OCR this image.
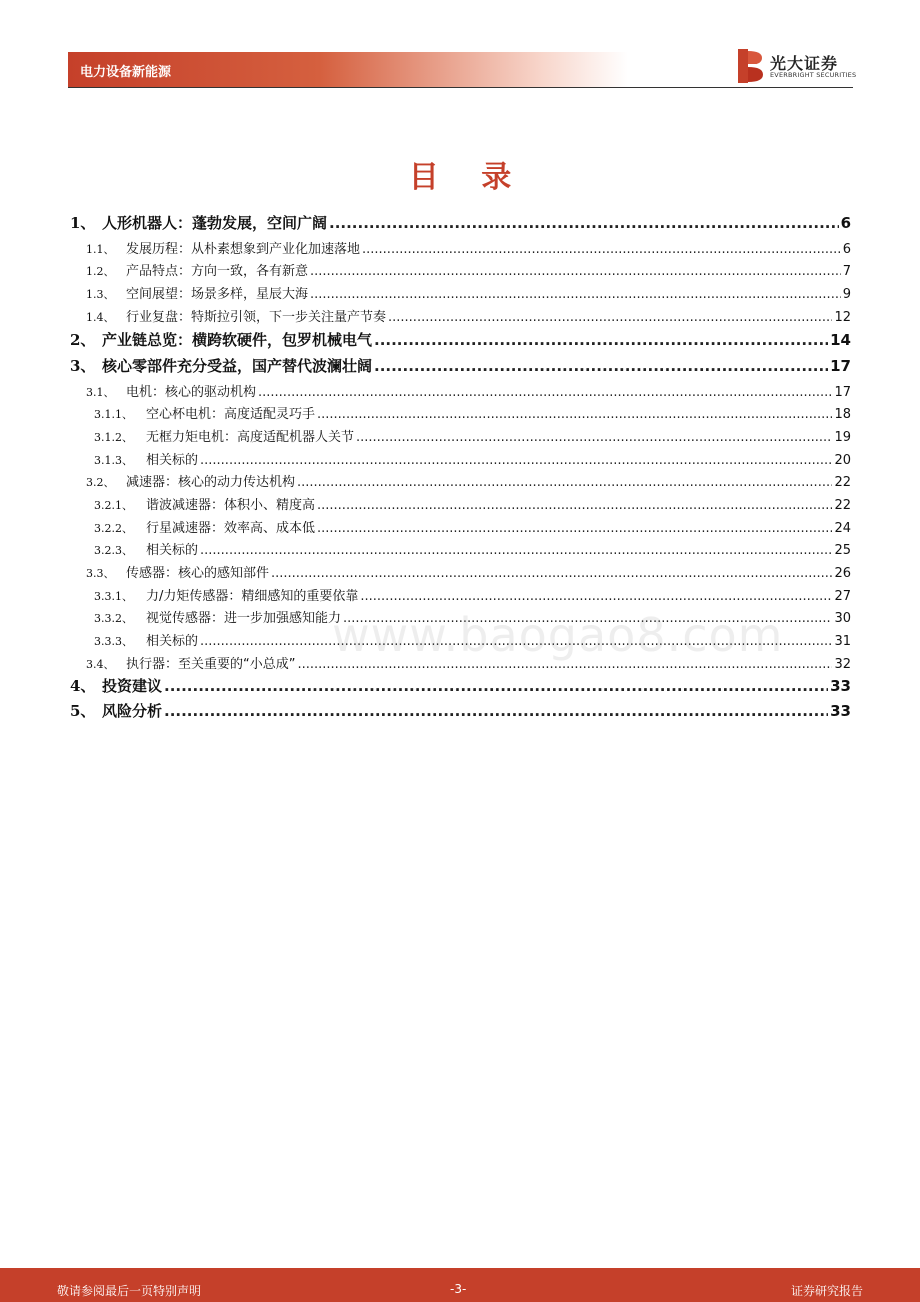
电力设备新能源	光大证券
EVERBRIGHT SECURITIES
目 录
1、 人形机器人：蓬勃发展，空间广阔 .....	6
1.1、 发展历程：从朴素想象到产业化加速落地 .....	6
1.2、 产品特点：方向一致，各有新意 .....	7
1.3、 空间展望：场景多样，星辰大海 .....	9
1.4、 行业复盘：特斯拉引领，下一步关注量产节奏 .....	12
2、 产业链总览：横跨软硬件，包罗机械电气 .....	14
3、 核心零部件充分受益，国产替代波澜壮阔 .....	17
3.1、 电机：核心的驱动机构 .....	17
3.1.1、	空心杯电机：高度适配灵巧手 .....	18
3.1.2、	无框力矩电机：高度适配机器人关节 .....	19
3.1.3、	相关标的 .....	20
3.2、 减速器：核心的动力传达机构 .....	22
3.2.1、	谐波减速器：体积小、精度高 .....	22
3.2.2、	行星减速器：效率高、成本低 .....	24
3.2.3、	相关标的 .....	25
3.3、 传感器：核心的感知部件 .....	26
3.3.1、	力/力矩传感器：精细感知的重要依靠 .....	27
3.3.2、	视觉传感器：进一步加强感知能力 .....	30
3.3.3、	相关标的 .....	31
3.4、 执行器：至关重要的“小总成” .....	32
4、 投资建议 .....	33
5、 风险分析 .....	33
www.baogao8.com
敬请参阅最后一页特别声明	-3-	证券研究报告
